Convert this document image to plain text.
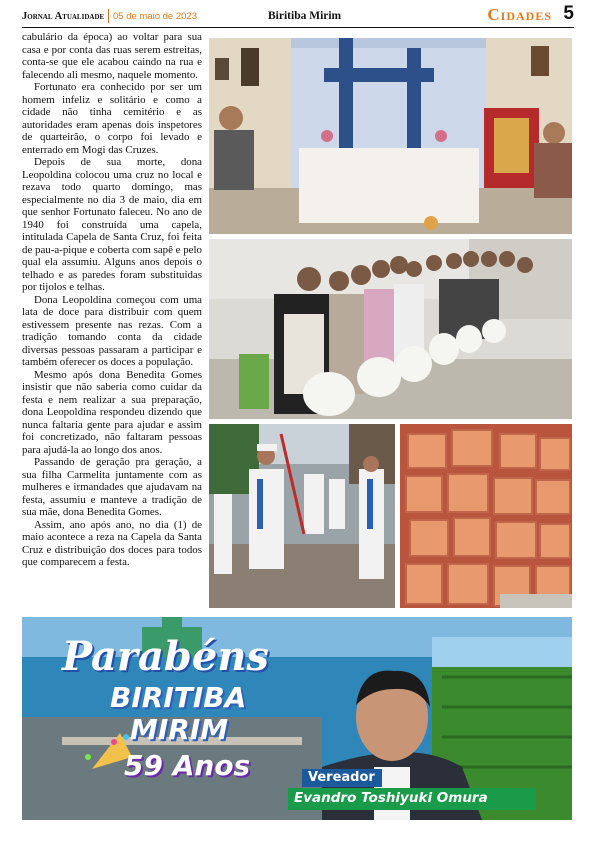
Jornal Atualidade 05 de maio de 2023	Biritiba Mirim	Cidades 5

cabulário da época) ao voltar para sua casa e por conta das ruas serem estreitas, conta-se que ele acabou caindo na rua e falecendo ali mesmo, naquele momento.

Fortunato era conhecido por ser um homem infeliz e solitário e como a cidade não tinha cemitério e as autoridades eram apenas dois inspetores de quarteirão, o corpo foi levado e enterrado em Mogi das Cruzes.

Depois de sua morte, dona Leopoldina colocou uma cruz no local e rezava todo quarto domingo, mas especialmente no dia 3 de maio, dia em que senhor Fortunato faleceu. No ano de 1940 foi construída uma capela, intitulada Capela de Santa Cruz, foi feita de pau-a-pique e coberta com sapê e pelo qual ela assumiu. Alguns anos depois o telhado e as paredes foram substituídas por tijolos e telhas.

Dona Leopoldina começou com uma lata de doce para distribuir com quem estivessem presente nas rezas. Com a tradição tomando conta da cidade diversas pessoas passaram a participar e também oferecer os doces a população.

Mesmo após dona Benedita Gomes insistir que não saberia como cuidar da festa e nem realizar a sua preparação, dona Leopoldina respondeu dizendo que nunca faltaria gente para ajudar e assim foi concretizado, não faltaram pessoas para ajudá-la ao longo dos anos.

Passando de geração pra geração, a sua filha Carmelita juntamente com as mulheres e irmandades que ajudavam na festa, assumiu e manteve a tradição de sua mãe, dona Benedita Gomes.

Assim, ano após ano, no dia (1) de maio acontece a reza na Capela da Santa Cruz e distribuição dos doces para todos que comparecem a festa.

Parabéns
BIRITIBA
MIRIM
59 Anos	Vereador
Evandro Toshiyuki Omura
